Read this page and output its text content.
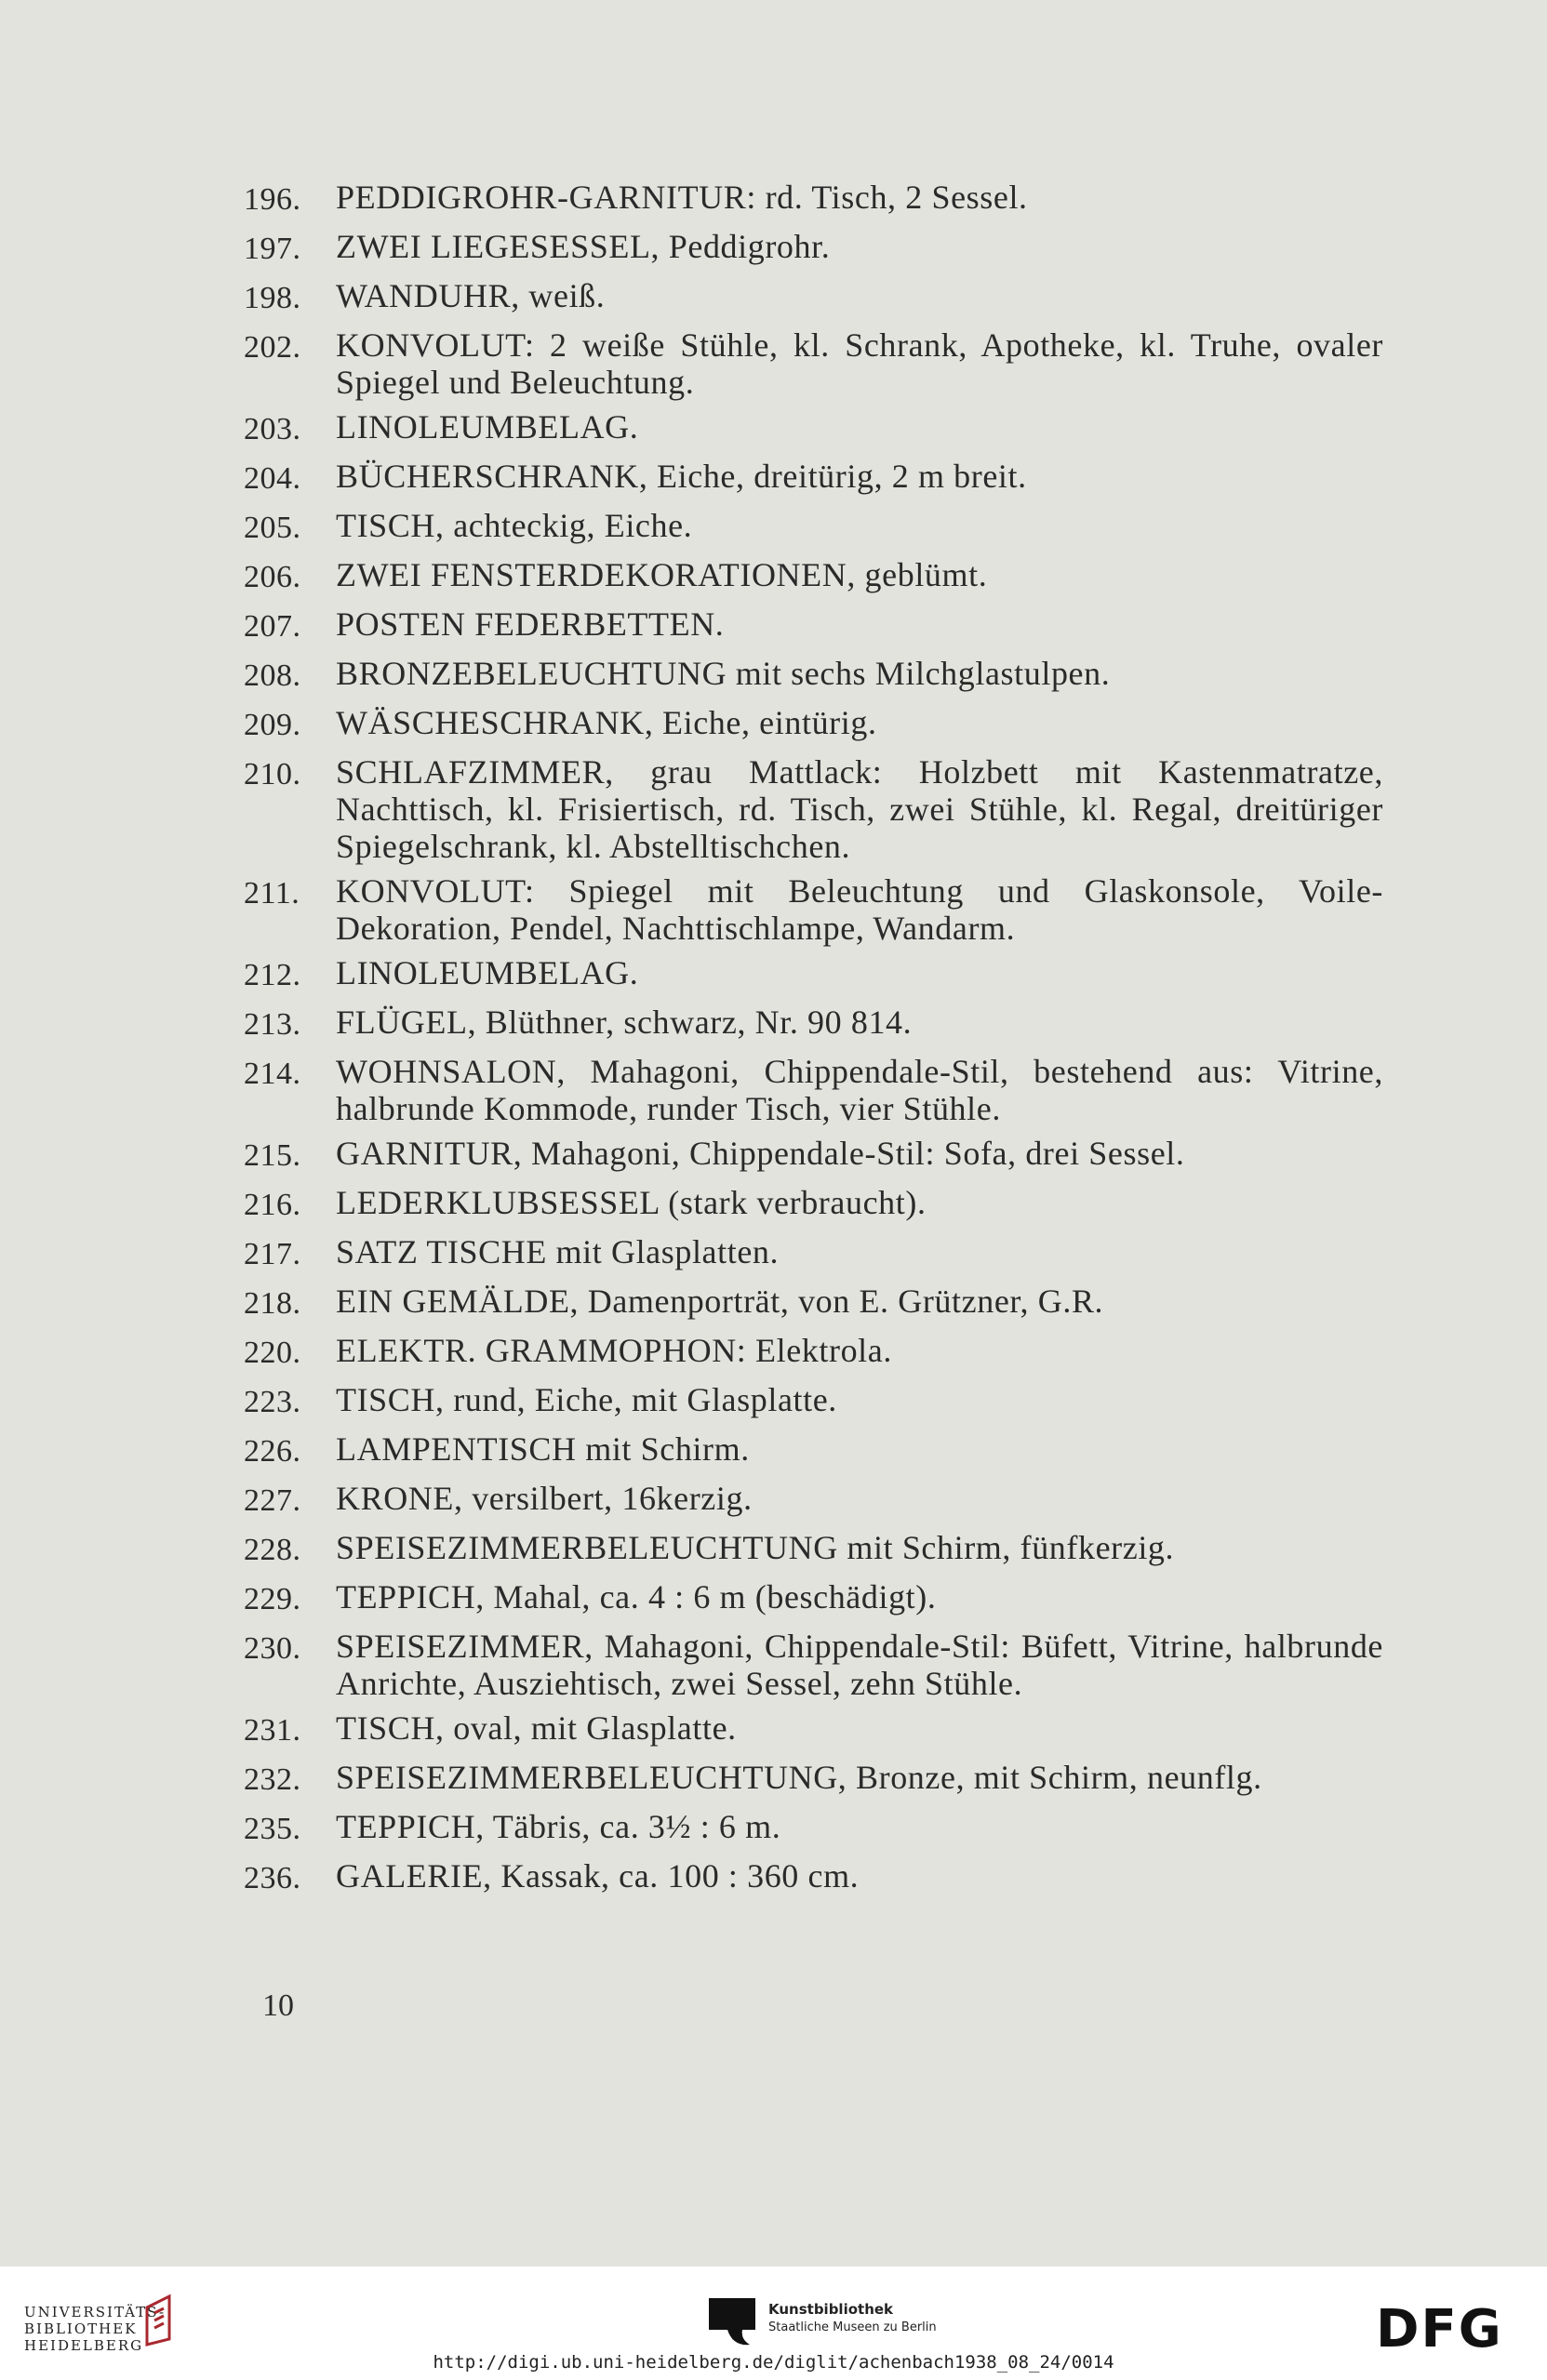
196.	PEDDIGROHR-GARNITUR: rd. Tisch, 2 Sessel.
197.	ZWEI LIEGESESSEL, Peddigrohr.
198.	WANDUHR, weiß.
202.	KONVOLUT: 2 weiße Stühle, kl. Schrank, Apotheke, kl. Truhe, ovaler Spiegel und Beleuchtung.
203.	LINOLEUMBELAG.
204.	BÜCHERSCHRANK, Eiche, dreitürig, 2 m breit.
205.	TISCH, achteckig, Eiche.
206.	ZWEI FENSTERDEKORATIONEN, geblümt.
207.	POSTEN FEDERBETTEN.
208.	BRONZEBELEUCHTUNG mit sechs Milchglastulpen.
209.	WÄSCHESCHRANK, Eiche, eintürig.
210.	SCHLAFZIMMER, grau Mattlack: Holzbett mit Kastenmatratze, Nachttisch, kl. Frisiertisch, rd. Tisch, zwei Stühle, kl. Regal, dreitüriger Spiegelschrank, kl. Abstelltischchen.
211.	KONVOLUT: Spiegel mit Beleuchtung und Glaskonsole, Voile-Dekoration, Pendel, Nachttischlampe, Wandarm.
212.	LINOLEUMBELAG.
213.	FLÜGEL, Blüthner, schwarz, Nr. 90 814.
214.	WOHNSALON, Mahagoni, Chippendale-Stil, bestehend aus: Vitrine, halbrunde Kommode, runder Tisch, vier Stühle.
215.	GARNITUR, Mahagoni, Chippendale-Stil: Sofa, drei Sessel.
216.	LEDERKLUBSESSEL (stark verbraucht).
217.	SATZ TISCHE mit Glasplatten.
218.	EIN GEMÄLDE, Damenporträt, von E. Grützner, G.R.
220.	ELEKTR. GRAMMOPHON: Elektrola.
223.	TISCH, rund, Eiche, mit Glasplatte.
226.	LAMPENTISCH mit Schirm.
227.	KRONE, versilbert, 16kerzig.
228.	SPEISEZIMMERBELEUCHTUNG mit Schirm, fünfkerzig.
229.	TEPPICH, Mahal, ca. 4 : 6 m (beschädigt).
230.	SPEISEZIMMER, Mahagoni, Chippendale-Stil: Büfett, Vitrine, halbrunde Anrichte, Ausziehtisch, zwei Sessel, zehn Stühle.
231.	TISCH, oval, mit Glasplatte.
232.	SPEISEZIMMERBELEUCHTUNG, Bronze, mit Schirm, neunflg.
235.	TEPPICH, Täbris, ca. 3½ : 6 m.
236.	GALERIE, Kassak, ca. 100 : 360 cm.
10
UNIVERSITÄTS-
BIBLIOTHEK
HEIDELBERG
Kunstbibliothek
Staatliche Museen zu Berlin	DFG
http://digi.ub.uni-heidelberg.de/diglit/achenbach1938_08_24/0014
